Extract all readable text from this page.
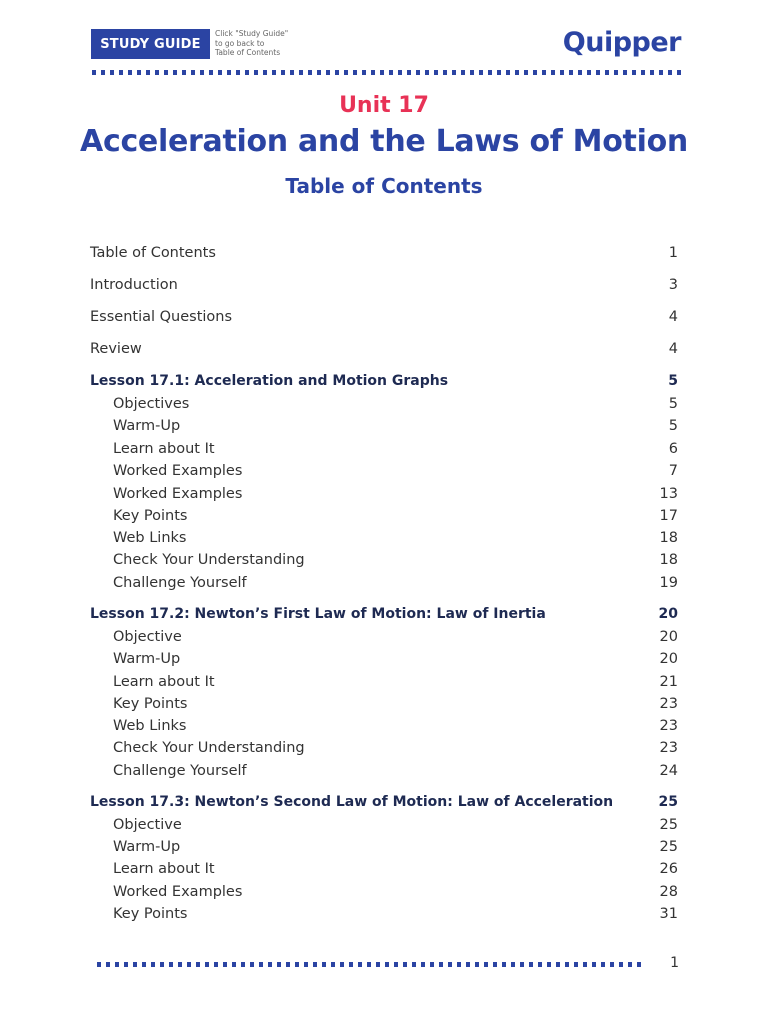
STUDY GUIDE
Click "Study Guide"
to go back to
Table of Contents	Quipper
Unit 17
Acceleration and the Laws of Motion
Table of Contents
Table of Contents	1
Introduction	3
Essential Questions	4
Review	4
Lesson 17.1: Acceleration and Motion Graphs	5
Objectives	5
Warm-Up	5
Learn about It	6
Worked Examples	7
Worked Examples	13
Key Points	17
Web Links	18
Check Your Understanding	18
Challenge Yourself	19
Lesson 17.2: Newton’s First Law of Motion: Law of Inertia	20
Objective	20
Warm-Up	20
Learn about It	21
Key Points	23
Web Links	23
Check Your Understanding	23
Challenge Yourself	24
Lesson 17.3: Newton’s Second Law of Motion: Law of Acceleration	25
Objective	25
Warm-Up	25
Learn about It	26
Worked Examples	28
Key Points	31
1
